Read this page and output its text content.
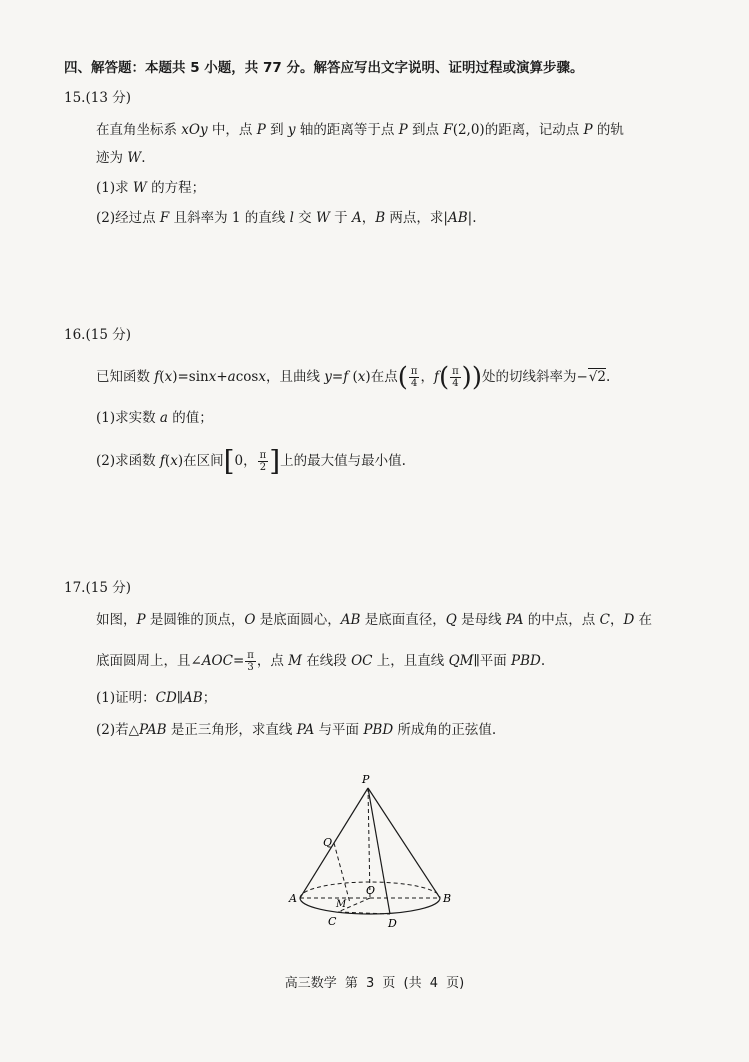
四、解答题：本题共 5 小题，共 77 分。解答应写出文字说明、证明过程或演算步骤。
15.(13 分)
在直角坐标系 xOy 中，点 P 到 y 轴的距离等于点 P 到点 F(2,0)的距离，记动点 P 的轨
迹为 W.
(1)求 W 的方程；
(2)经过点 F 且斜率为 1 的直线 l 交 W 于 A，B 两点，求|AB|.
16.(15 分)
已知函数 f(x)=sinx+acosx，且曲线 y=f (x)在点( $\frac{\pi}{4}$ ，$f( \frac{\pi}{4}$ ))处的切线斜率为−√2.
(1)求实数 a 的值；
(2)求函数 f(x)在区间[0， $\frac{\pi}{2}$ ]上的最大值与最小值.
17.(15 分)
如图，P 是圆锥的顶点，O 是底面圆心，AB 是底面直径，Q 是母线 PA 的中点，点 C，D 在
底面圆周上，且∠AOC= $\frac{\pi}{3}$ ，点 M 在线段 OC 上，且直线 QM∥平面 PBD.
(1)证明：CD∥AB；
(2)若△PAB 是正三角形，求直线 PA 与平面 PBD 所成角的正弦值.
P
Q
A	B
O
M
C	D
高三数学 第 3 页 (共 4 页)
